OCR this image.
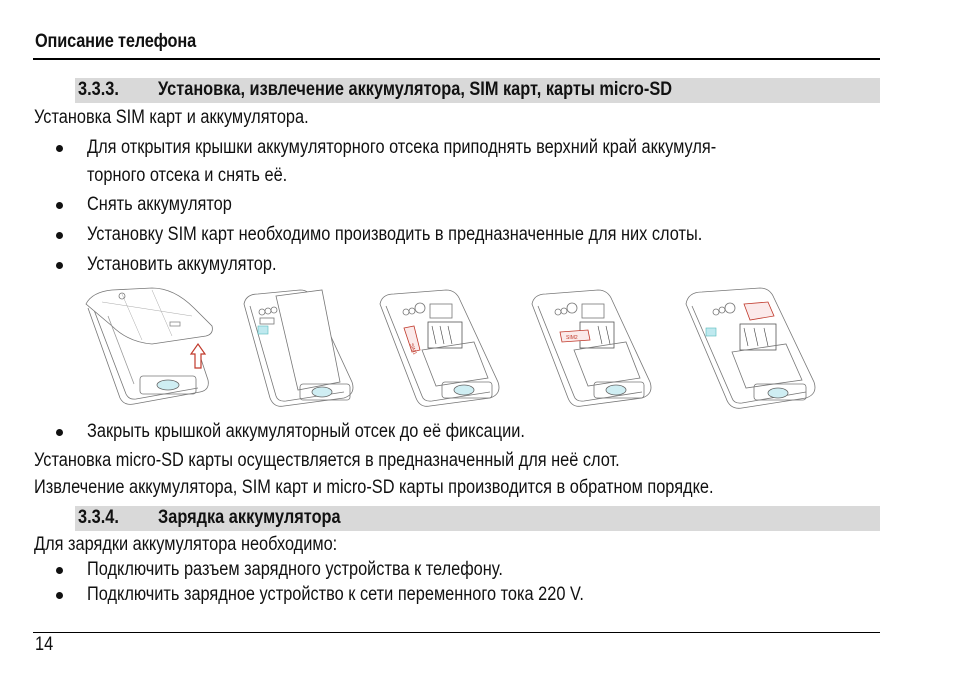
Описание телефона
3.3.3. Установка, извлечение аккумулятора, SIM карт, карты micro-SD
Установка SIM карт и аккумулятора.
Для открытия крышки аккумуляторного отсека приподнять верхний край аккумуля-
торного отсека и снять её.
Снять аккумулятор
Установку SIM карт необходимо производить в предназначенные для них слоты.
Установить аккумулятор.
SIM1
SIM2
Закрыть крышкой аккумуляторный отсек до её фиксации.
Установка micro-SD карты осуществляется в предназначенный для неё слот.
Извлечение аккумулятора, SIM карт и micro-SD карты производится в обратном порядке.
3.3.4. Зарядка аккумулятора
Для зарядки аккумулятора необходимо:
Подключить разъем зарядного устройства к телефону.
Подключить зарядное устройство к сети переменного тока 220 V.
14
